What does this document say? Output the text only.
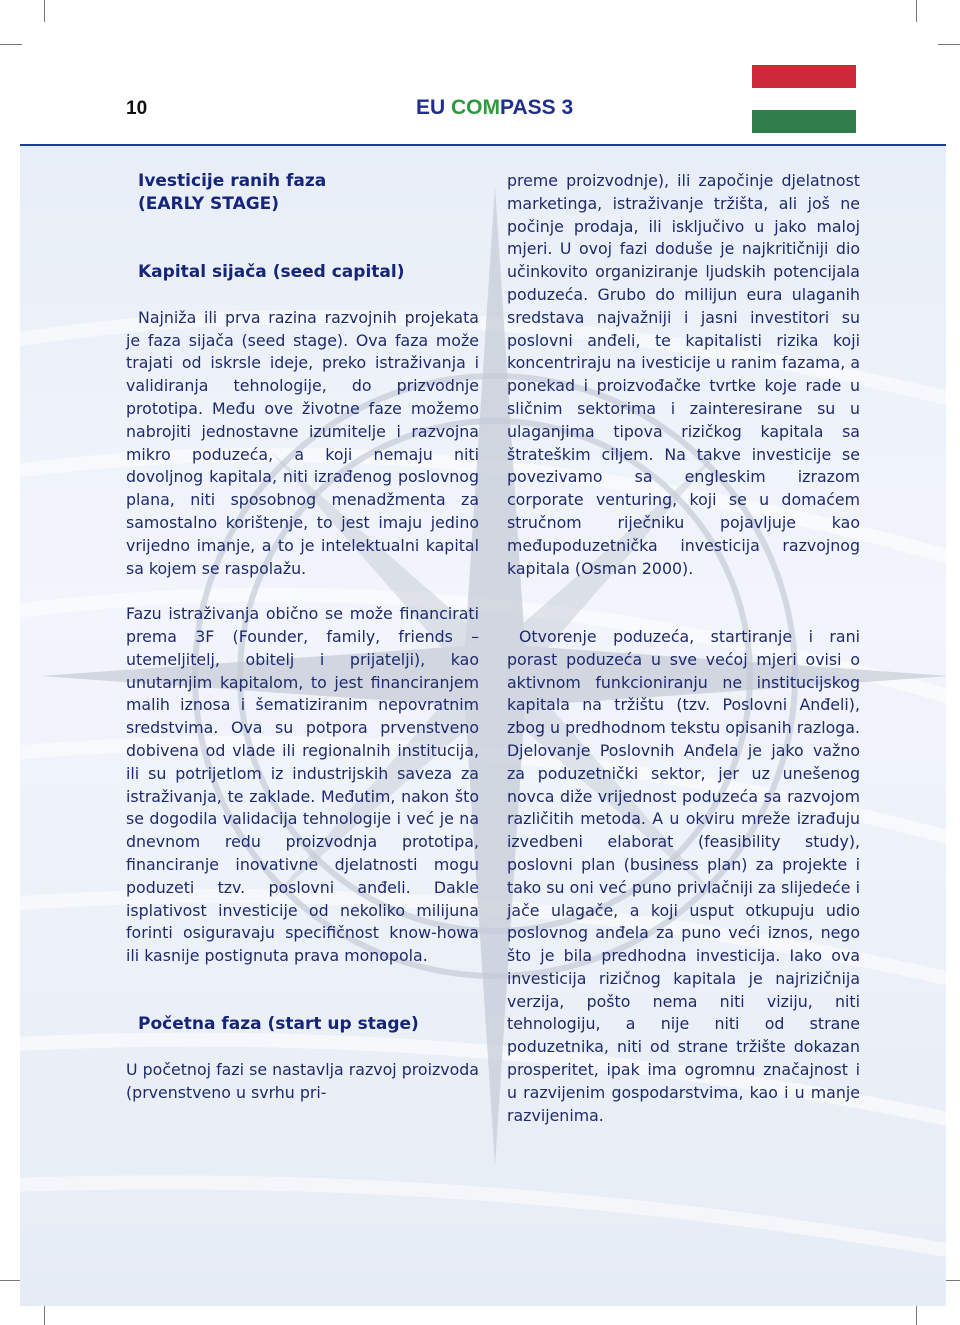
10	EU COMPASS 3
Ivesticije ranih faza
(EARLY STAGE)
Kapital sijača (seed capital)

Najniža ili prva razina razvojnih projekata je faza sijača (seed stage). Ova faza može trajati od iskrsle ideje, preko istraživanja i validiranja tehnologije, do prizvodnje prototipa. Među ove životne faze možemo nabrojiti jednostavne izumitelje i razvojna mikro poduzeća, a koji nemaju niti dovoljnog kapitala, niti izrađenog poslovnog plana, niti sposobnog menadžmenta za samostalno korištenje, to jest imaju jedino vrijedno imanje, a to je intelektualni kapital sa kojem se raspolažu.

Fazu istraživanja obično se može financirati prema 3F (Founder, family, friends – utemeljitelj, obitelj i prijatelji), kao unutarnjim kapitalom, to jest financiranjem malih iznosa i šematiziranim nepovratnim sredstvima. Ova su potpora prvenstveno dobivena od vlade ili regionalnih institucija, ili su potrijetlom iz industrijskih saveza za istraživanja, te zaklade. Međutim, nakon što se dogodila validacija tehnologije i već je na dnevnom redu proizvodnja prototipa, financiranje inovativne djelatnosti mogu poduzeti tzv. poslovni anđeli. Dakle isplativost investicije od nekoliko milijuna forinti osiguravaju specifičnost know-howa ili kasnije postignuta prava monopola.

Početna faza (start up stage)

U početnoj fazi se nastavlja razvoj proizvoda (prvenstveno u svrhu pri-

preme proizvodnje), ili započinje djelatnost marketinga, istraživanje tržišta, ali još ne počinje prodaja, ili isključivo u jako maloj mjeri. U ovoj fazi doduše je najkritičniji dio učinkovito organiziranje ljudskih potencijala poduzeća. Grubo do milijun eura ulaganih sredstava najvažniji i jasni investitori su poslovni anđeli, te kapitalisti rizika koji koncentriraju na ivesticije u ranim fazama, a ponekad i proizvođačke tvrtke koje rade u sličnim sektorima i zainteresirane su u ulaganjima tipova rizičkog kapitala sa štrateškim ciljem. Na takve investicije se povezivamo sa engleskim izrazom corporate venturing, koji se u domaćem stručnom riječniku pojavljuje kao međupoduzetnička investicija razvojnog kapitala (Osman 2000).

Otvorenje poduzeća, startiranje i rani porast poduzeća u sve većoj mjeri ovisi o aktivnom funkcioniranju ne institucijskog kapitala na tržištu (tzv. Poslovni Anđeli), zbog u predhodnom tekstu opisanih razloga. Djelovanje Poslovnih Anđela je jako važno za poduzetnički sektor, jer uz unešenog novca diže vrijednost poduzeća sa razvojom različitih metoda. A u okviru mreže izrađuju izvedbeni elaborat (feasibility study), poslovni plan (business plan) za projekte i tako su oni već puno privlačniji za slijedeće i jače ulagače, a koji usput otkupuju udio poslovnog anđela za puno veći iznos, nego što je bila predhodna investicija. Iako ova investicija rizičnog kapitala je najrizičnija verzija, pošto nema niti viziju, niti tehnologiju, a nije niti od strane poduzetnika, niti od strane tržište dokazan prosperitet, ipak ima ogromnu značajnost i u razvijenim gospodarstvima, kao i u manje razvijenima.
